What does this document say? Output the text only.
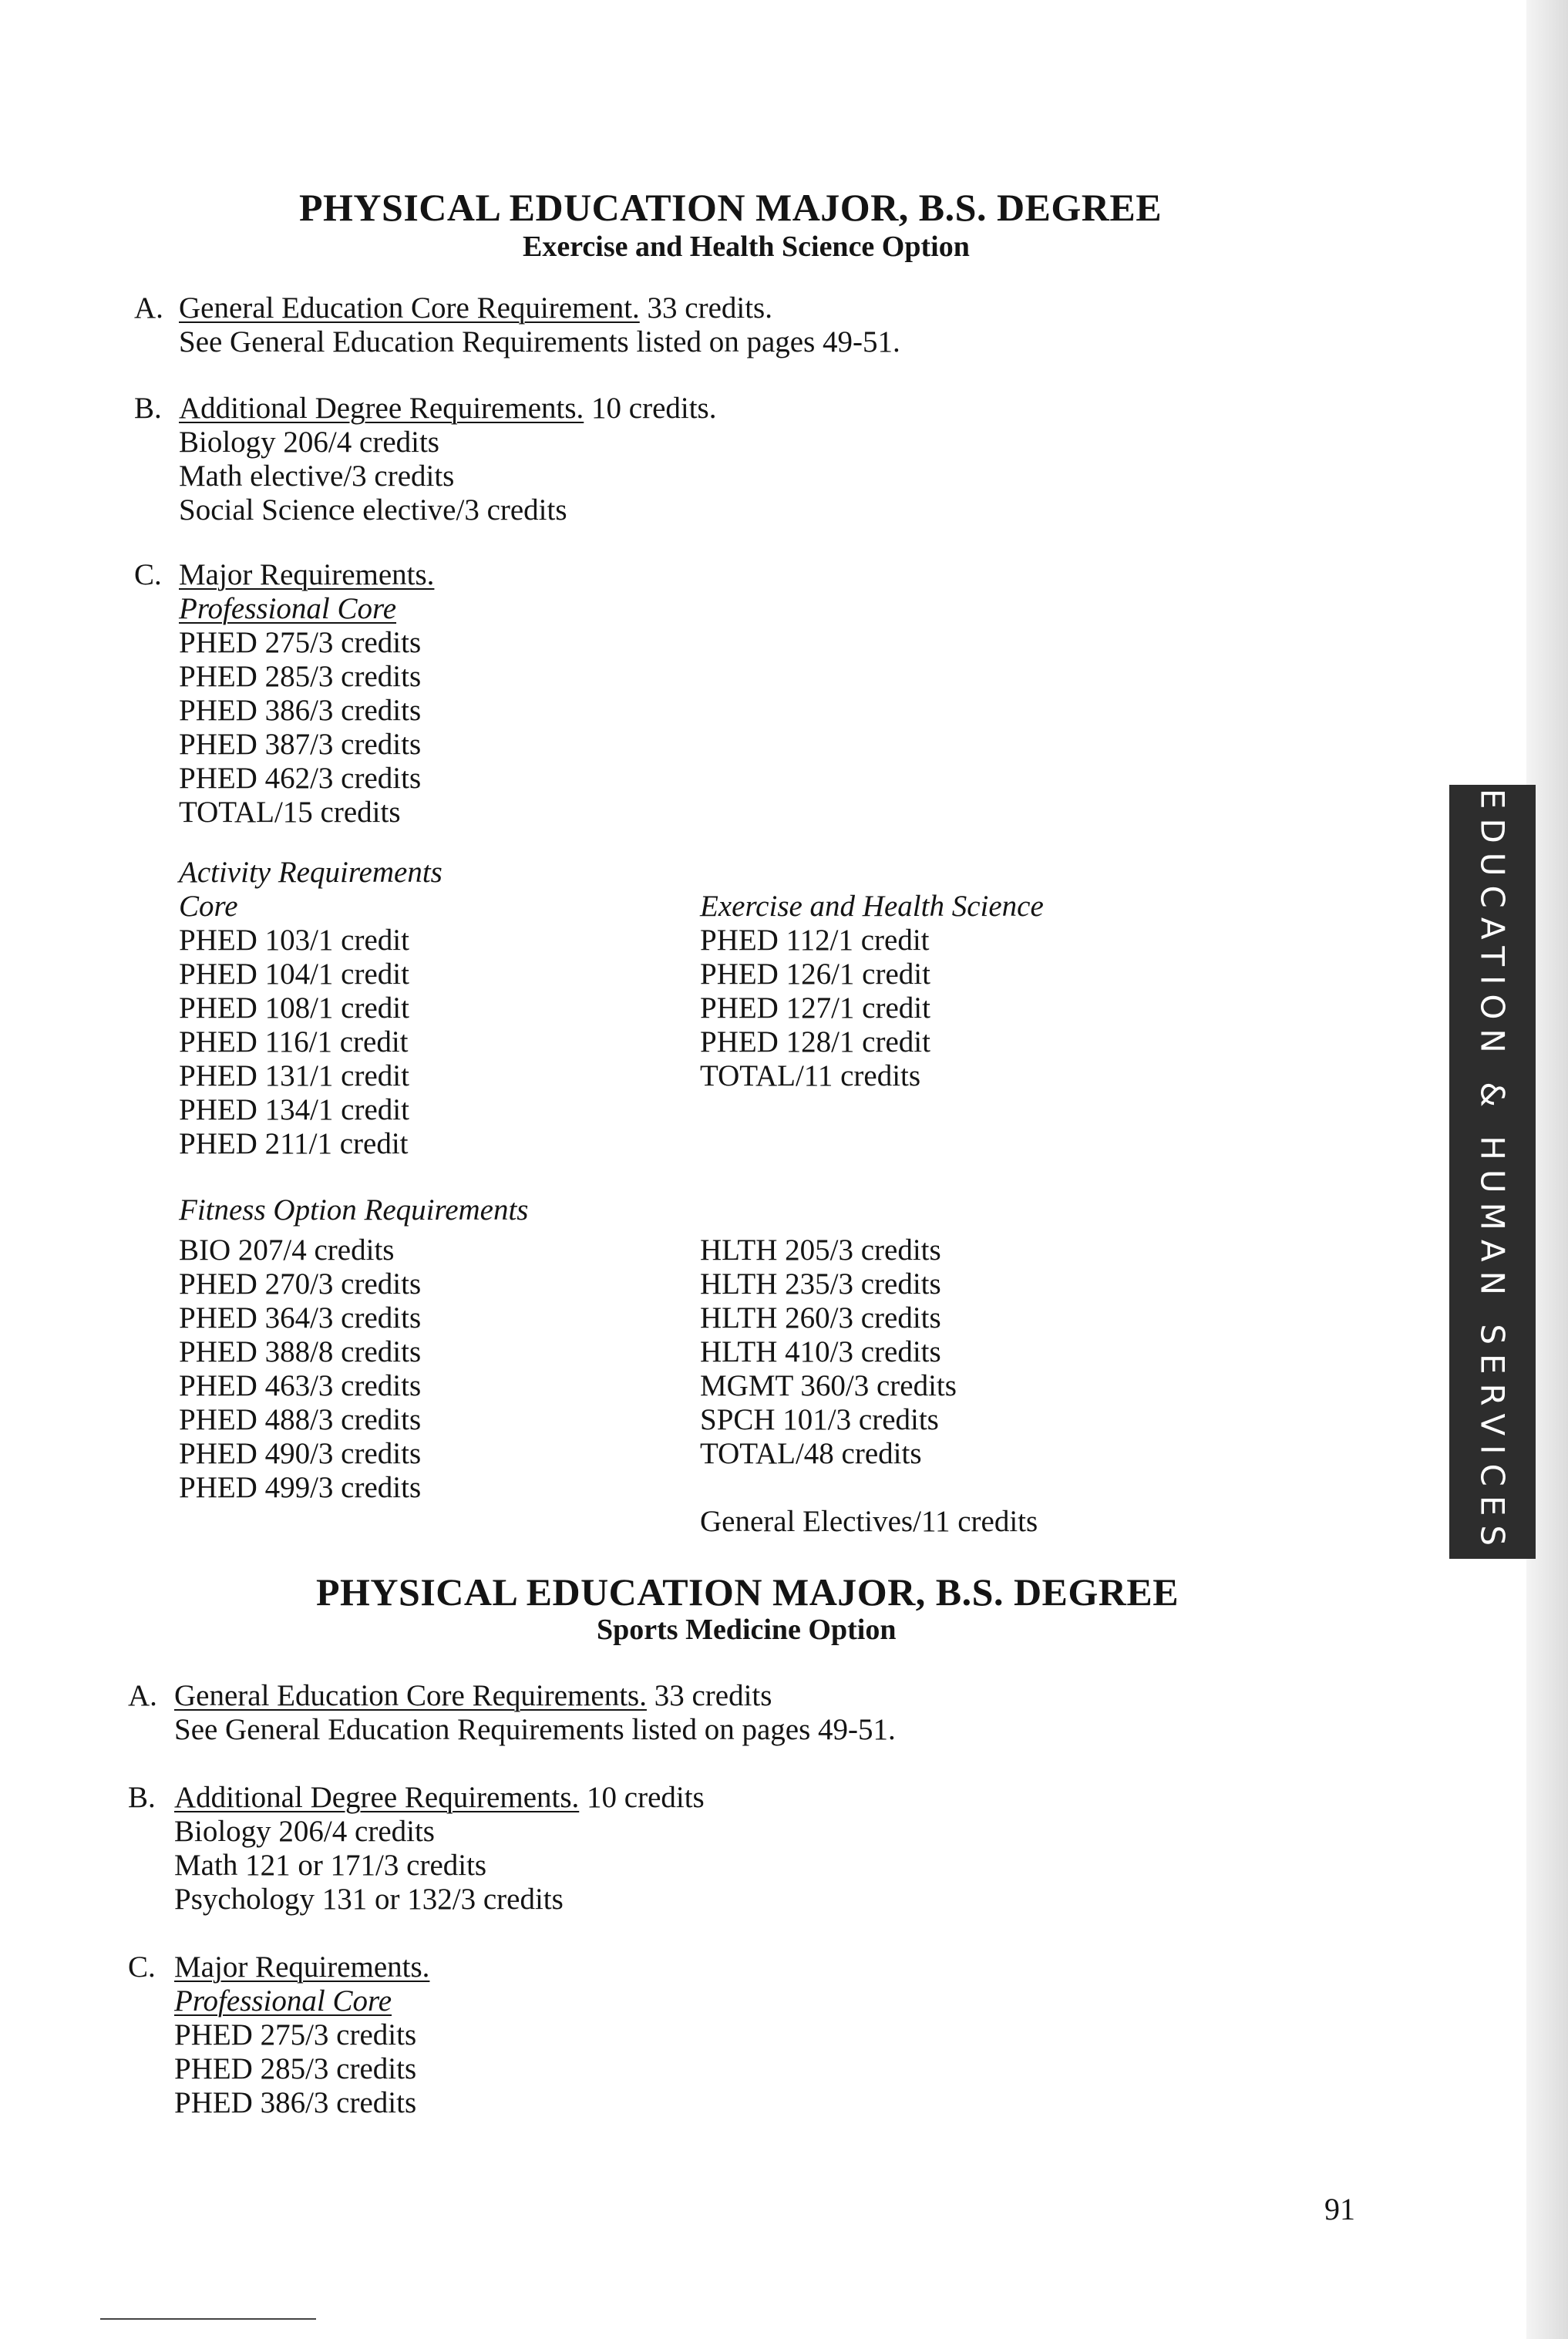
PHYSICAL EDUCATION MAJOR, B.S. DEGREE
Exercise and Health Science Option
A. General Education Core Requirement. 33 credits.
See General Education Requirements listed on pages 49-51.
B. Additional Degree Requirements. 10 credits.
Biology 206/4 credits
Math elective/3 credits
Social Science elective/3 credits
C. Major Requirements.
Professional Core
PHED 275/3 credits
PHED 285/3 credits
PHED 386/3 credits
PHED 387/3 credits
PHED 462/3 credits
TOTAL/15 credits
Activity Requirements
Core
PHED 103/1 credit
PHED 104/1 credit
PHED 108/1 credit
PHED 116/1 credit
PHED 131/1 credit
PHED 134/1 credit
PHED 211/1 credit
Exercise and Health Science
PHED 112/1 credit
PHED 126/1 credit
PHED 127/1 credit
PHED 128/1 credit
TOTAL/11 credits
Fitness Option Requirements
BIO 207/4 credits
PHED 270/3 credits
PHED 364/3 credits
PHED 388/8 credits
PHED 463/3 credits
PHED 488/3 credits
PHED 490/3 credits
PHED 499/3 credits
HLTH 205/3 credits
HLTH 235/3 credits
HLTH 260/3 credits
HLTH 410/3 credits
MGMT 360/3 credits
SPCH 101/3 credits
TOTAL/48 credits
General Electives/11 credits
PHYSICAL EDUCATION MAJOR, B.S. DEGREE
Sports Medicine Option
A. General Education Core Requirements. 33 credits
See General Education Requirements listed on pages 49-51.
B. Additional Degree Requirements. 10 credits
Biology 206/4 credits
Math 121 or 171/3 credits
Psychology 131 or 132/3 credits
C. Major Requirements.
Professional Core
PHED 275/3 credits
PHED 285/3 credits
PHED 386/3 credits
EDUCATION & HUMAN SERVICES
91
